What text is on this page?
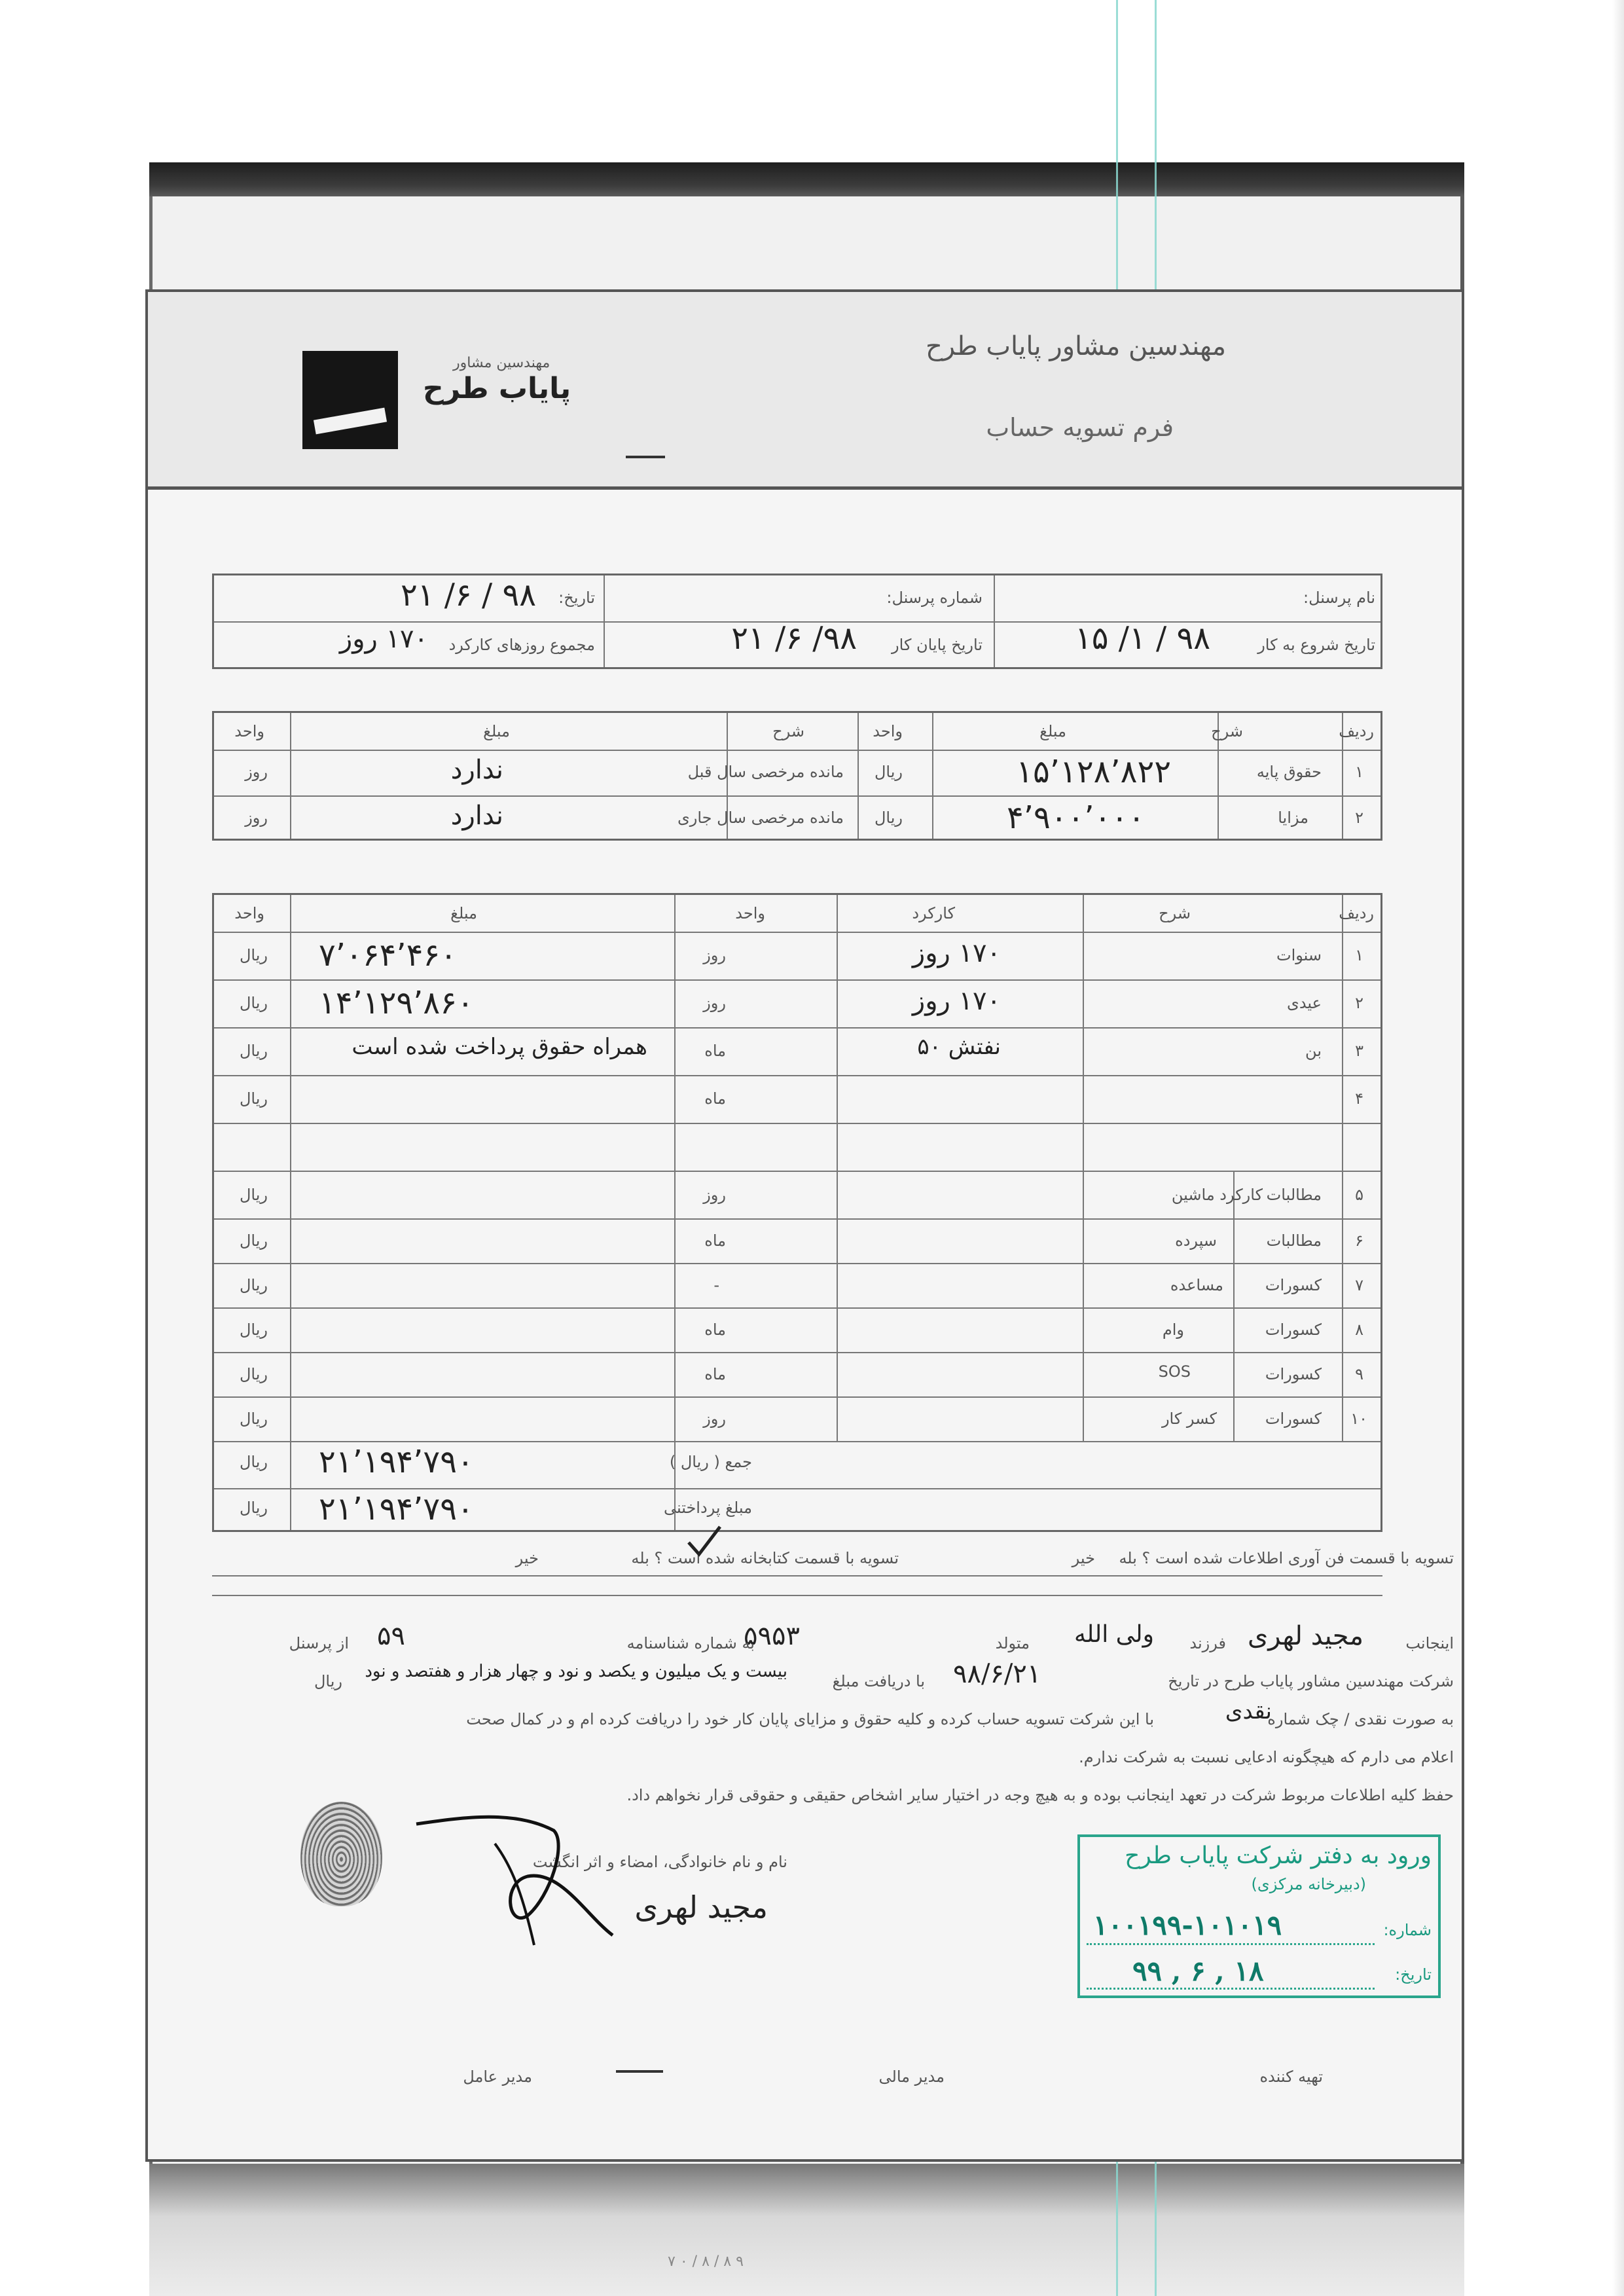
مهندسین مشاور پایاب طرح
فرم تسویه حساب
مهندسین مشاور
پایاب طرح
نام پرسنل:
شماره پرسنل:
تاریخ:
۹۸ / ۶/ ۲۱
تاریخ شروع به کار
۹۸ / ۱/ ۱۵
تاریخ پایان کار
۹۸/ ۶/ ۲۱
مجموع روزهای کارکرد
۱۷۰ روز
ردیف
شرح
مبلغ
واحد
شرح
مبلغ
واحد
۱
حقوق پایه
۱۵٬۱۲۸٬۸۲۲
ریال
مانده مرخصی سال قبل
ندارد
روز
۲
مزایا
۴٬۹۰۰٬۰۰۰
ریال
مانده مرخصی سال جاری
ندارد
روز
ردیف
شرح
کارکرد
واحد
مبلغ
واحد
۱
سنوات
۱۷۰ روز
روز
۷٬۰۶۴٬۴۶۰
ریال
۲
عیدی
۱۷۰ روز
روز
۱۴٬۱۲۹٬۸۶۰
ریال
۳
بن
نفتش ۵۰
ماه
همراه حقوق پرداخت شده است
ریال
۴
ماه
ریال
۵
مطالبات
کارکرد ماشین
روز
ریال
۶
مطالبات
سپرده
ماه
ریال
۷
کسورات
مساعده
-
ریال
۸
کسورات
وام
ماه
ریال
۹
کسورات
SOS
ماه
ریال
۱۰
کسورات
کسر کار
روز
ریال
جمع ( ریال )
۲۱٬۱۹۴٬۷۹۰
ریال
مبلغ پرداختنی
۲۱٬۱۹۴٬۷۹۰
ریال
تسویه با قسمت فن آوری اطلاعات شده است ؟ بله
خیر
تسویه با قسمت کتابخانه شده است ؟ بله
خیر
اینجانب
مجید لهری
فرزند
ولی الله
متولد
۵۹۵۳
به شماره شناسنامه
۵۹
از پرسنل
شرکت مهندسین مشاور پایاب طرح در تاریخ
۹۸/۶/۲۱
با دریافت مبلغ
بیست و یک میلیون و یکصد و نود و چهار هزار و هفتصد و نود
ریال
به صورت نقدی / چک شماره
نقدی
با این شرکت تسویه حساب کرده و کلیه حقوق و مزایای پایان کار خود را دریافت کرده ام و در کمال صحت
اعلام می دارم که هیچگونه ادعایی نسبت به شرکت ندارم.
حفظ کلیه اطلاعات مربوط شرکت در تعهد اینجانب بوده و به هیچ وجه در اختیار سایر اشخاص حقیقی و حقوقی قرار نخواهم داد.
نام و نام خانوادگی، امضاء و اثر انگشت
مجید لهری
تهیه کننده
مدیر مالی
مدیر عامل
ورود به دفتر شرکت پایاب طرح
(دبیرخانه مرکزی)
شماره:
۱۰۰۱۹۹-۱۰۱۰۱۹
تاریخ:
۹۹ , ۶ , ۱۸
٩ ٨ / ٨ / ٠ ٧
